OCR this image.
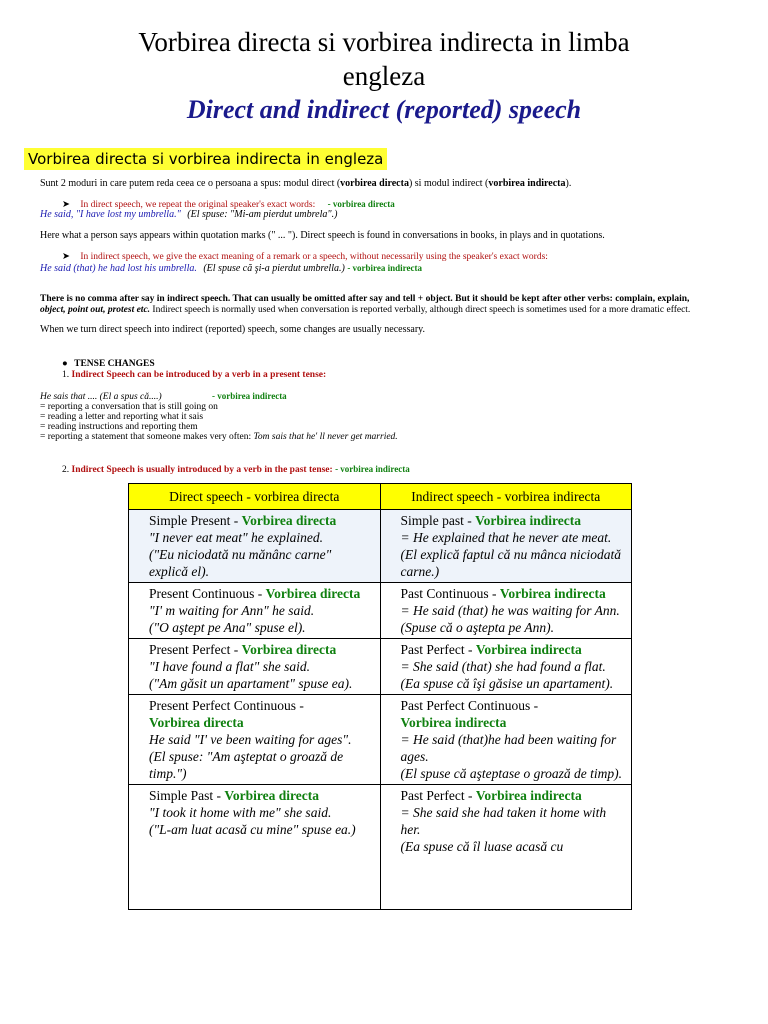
Vorbirea directa si vorbirea indirecta in limba
engleza
Direct and indirect (reported) speech
Vorbirea directa si vorbirea indirecta in engleza
Sunt 2 moduri in care putem reda ceea ce o persoana a spus: modul direct (vorbirea directa) si modul indirect (vorbirea indirecta).
➤ In direct speech, we repeat the original speaker's exact words: - vorbirea directa
He said, "I have lost my umbrella." (El spuse: "Mi-am pierdut umbrela".)
Here what a person says appears within quotation marks (" ... "). Direct speech is found in conversations in books, in plays and in quotations.
➤ In indirect speech, we give the exact meaning of a remark or a speech, without necessarily using the speaker's exact words:
He said (that) he had lost his umbrella. (El spuse că şi-a pierdut umbrella.) - vorbirea indirecta
There is no comma after say in indirect speech. That can usually be omitted after say and tell + object. But it should be kept after other verbs: complain, explain,
object, point out, protest etc. Indirect speech is normally used when conversation is reported verbally, although direct speech is sometimes used for a more dramatic effect.
When we turn direct speech into indirect (reported) speech, some changes are usually necessary.
● TENSE CHANGES
1. Indirect Speech can be introduced by a verb in a present tense:
He sais that .... (El a spus că....)	- vorbirea indirecta
= reporting a conversation that is still going on
= reading a letter and reporting what it sais
= reading instructions and reporting them
= reporting a statement that someone makes very often: Tom sais that he' ll never get married.
2. Indirect Speech is usually introduced by a verb in the past tense: - vorbirea indirecta
Direct speech - vorbirea directa	Indirect speech - vorbirea indirecta
Simple Present - Vorbirea directa
"I never eat meat" he explained.
("Eu niciodată nu mănânc carne" explică el).	Simple past - Vorbirea indirecta
= He explained that he never ate meat.
(El explică faptul că nu mânca niciodată carne.)
Present Continuous - Vorbirea directa
"I' m waiting for Ann" he said.
("O aştept pe Ana" spuse el).	Past Continuous - Vorbirea indirecta
= He said (that) he was waiting for Ann.
(Spuse că o aştepta pe Ann).
Present Perfect - Vorbirea directa
"I have found a flat" she said.
("Am găsit un apartament" spuse ea).	Past Perfect - Vorbirea indirecta
= She said (that) she had found a flat.
(Ea spuse că îşi găsise un apartament).
Present Perfect Continuous -
Vorbirea directa
He said "I' ve been waiting for ages".
(El spuse: "Am aşteptat o groază de timp.")	Past Perfect Continuous -
Vorbirea indirecta
= He said (that)he had been waiting for ages.
(El spuse că aşteptase o groază de timp).
Simple Past - Vorbirea directa
"I took it home with me" she said.
("L-am luat acasă cu mine" spuse ea.)	Past Perfect - Vorbirea indirecta
= She said she had taken it home with her.
(Ea spuse că îl luase acasă cu
